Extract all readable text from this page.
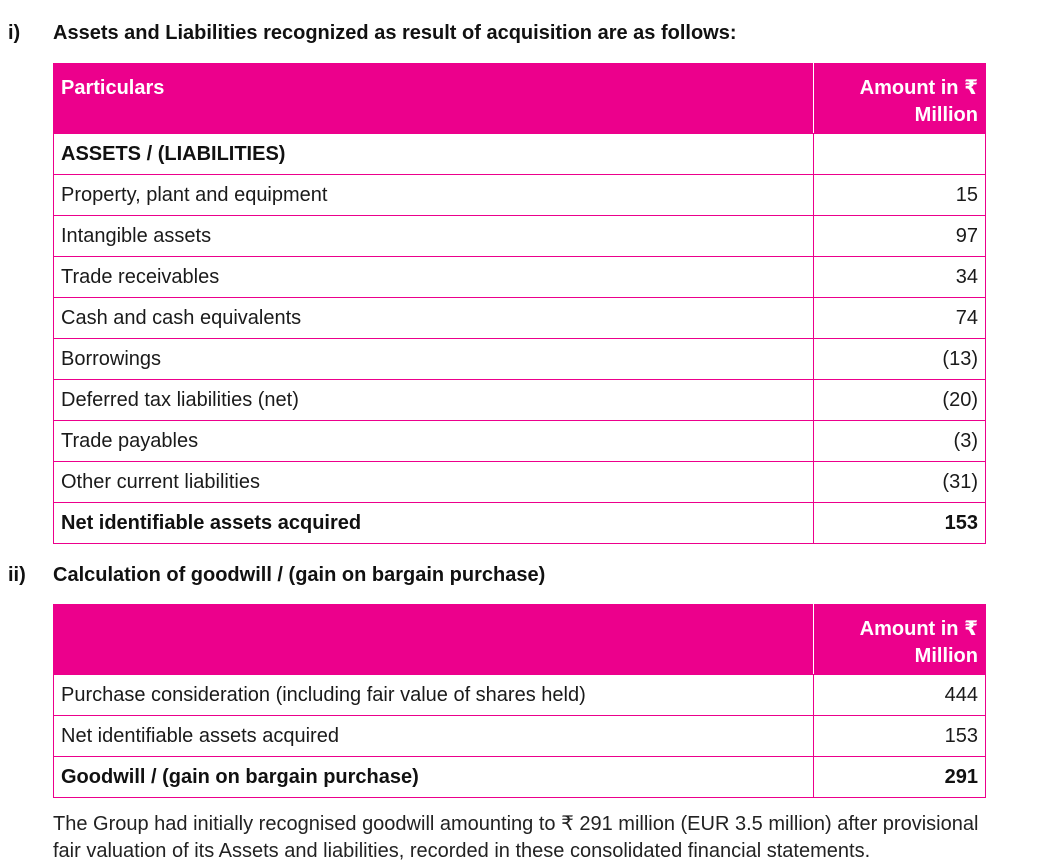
i) Assets and Liabilities recognized as result of acquisition are as follows:
Particulars	Amount in ₹
Million
ASSETS / (LIABILITIES)	
Property, plant and equipment	15
Intangible assets	97
Trade receivables	34
Cash and cash equivalents	74
Borrowings	(13)
Deferred tax liabilities (net)	(20)
Trade payables	(3)
Other current liabilities	(31)
Net identifiable assets acquired	153
ii) Calculation of goodwill / (gain on bargain purchase)
	Amount in ₹
Million
Purchase consideration (including fair value of shares held)	444
Net identifiable assets acquired	153
Goodwill / (gain on bargain purchase)	291

The Group had initially recognised goodwill amounting to ₹ 291 million (EUR 3.5 million) after provisional fair valuation of its Assets and liabilities, recorded in these consolidated financial statements.
